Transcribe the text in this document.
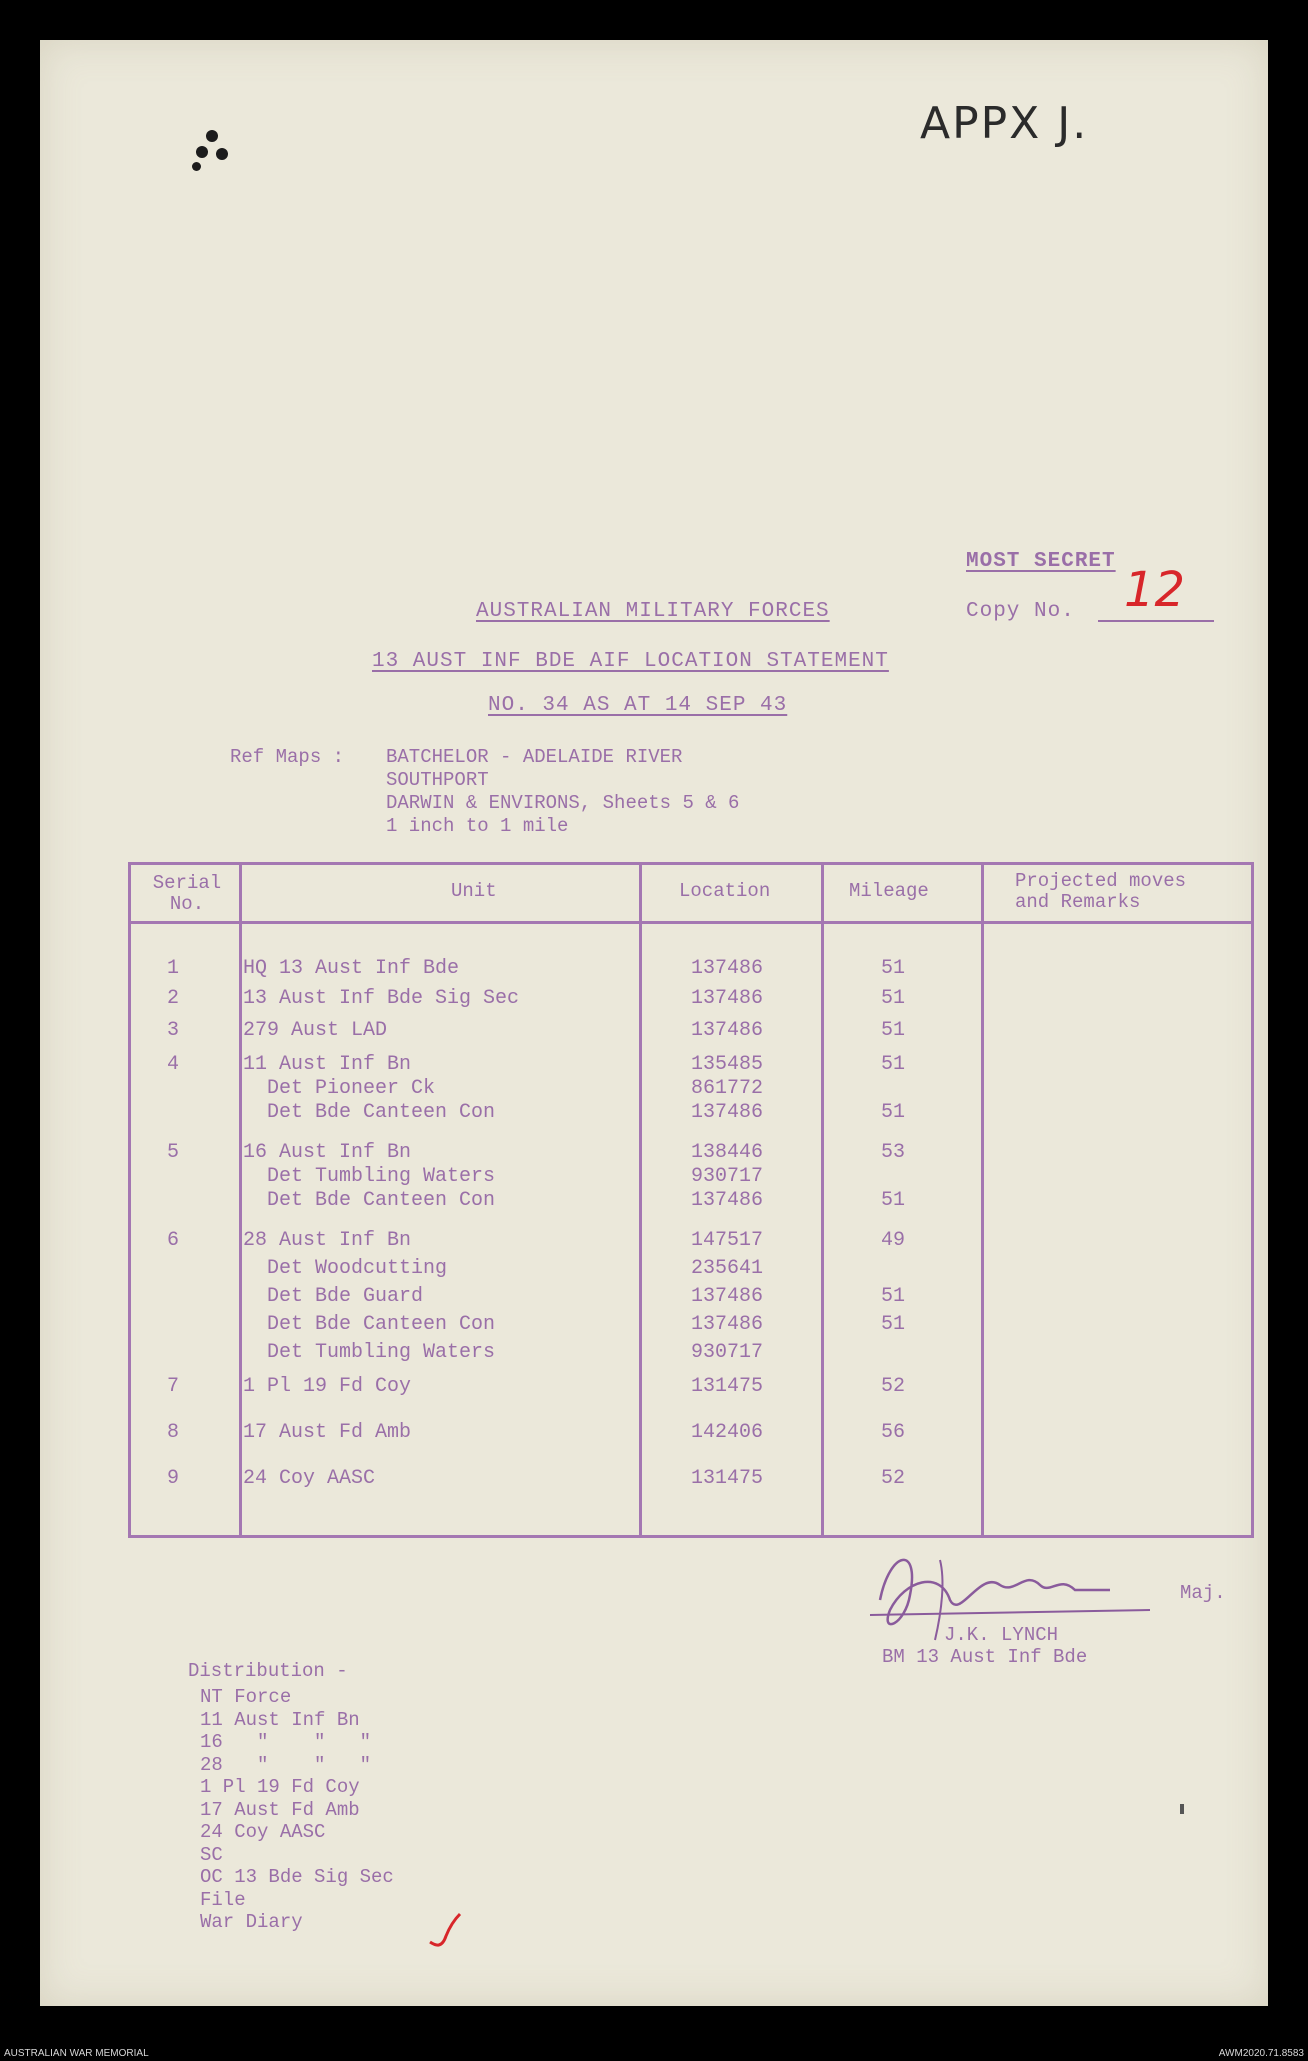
APPX J.
MOST SECRET
Copy No. 12
AUSTRALIAN MILITARY FORCES
13 AUST INF BDE AIF LOCATION STATEMENT
NO. 34 AS AT 14 SEP 43
Ref Maps : BATCHELOR - ADELAIDE RIVER
SOUTHPORT
DARWIN & ENVIRONS, Sheets 5 & 6
1 inch to 1 mile
Serial
No.
Unit	Location	Mileage	Projected moves
and Remarks
1	HQ 13 Aust Inf Bde	137486	51
2	13 Aust Inf Bde Sig Sec	137486	51
3	279 Aust LAD	137486	51
4	11 Aust Inf Bn	135485	51
Det Pioneer Ck	861772
Det Bde Canteen Con	137486	51
5	16 Aust Inf Bn	138446	53
Det Tumbling Waters	930717
Det Bde Canteen Con	137486	51
6	28 Aust Inf Bn	147517	49
Det Woodcutting	235641
Det Bde Guard	137486	51
Det Bde Canteen Con	137486	51
Det Tumbling Waters	930717
7	1 Pl 19 Fd Coy	131475	52
8	17 Aust Fd Amb	142406	56
9	24 Coy AASC	131475	52
Maj.
J.K. LYNCH
BM 13 Aust Inf Bde
Distribution -
NT Force
11 Aust Inf Bn
16   "    "   "
28   "    "   "
1 Pl 19 Fd Coy
17 Aust Fd Amb
24 Coy AASC
SC
OC 13 Bde Sig Sec
File
War Diary
AUSTRALIAN WAR MEMORIAL	AWM2020.71.8583
